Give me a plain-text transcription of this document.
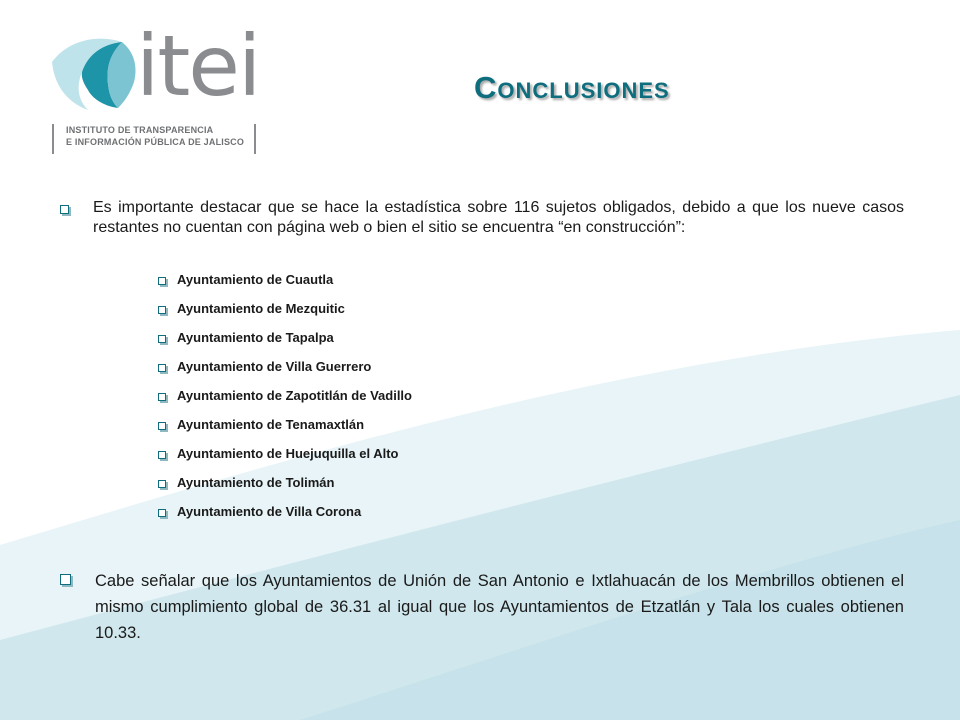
itei
INSTITUTO DE TRANSPARENCIA
E INFORMACIÓN PÚBLICA DE JALISCO
Conclusiones
Es importante destacar que se hace la estadística sobre 116 sujetos obligados, debido a que los nueve casos restantes no cuentan con página web o bien el sitio se encuentra “en construcción”:
Ayuntamiento de Cuautla
Ayuntamiento de Mezquitic
Ayuntamiento de Tapalpa
Ayuntamiento de Villa Guerrero
Ayuntamiento de Zapotitlán de Vadillo
Ayuntamiento de Tenamaxtlán
Ayuntamiento de Huejuquilla el Alto
Ayuntamiento de Tolimán
Ayuntamiento de Villa Corona
Cabe señalar que los Ayuntamientos de Unión de San Antonio e Ixtlahuacán de los Membrillos obtienen el mismo cumplimiento global de 36.31 al igual que los Ayuntamientos de Etzatlán y Tala los cuales obtienen 10.33.
